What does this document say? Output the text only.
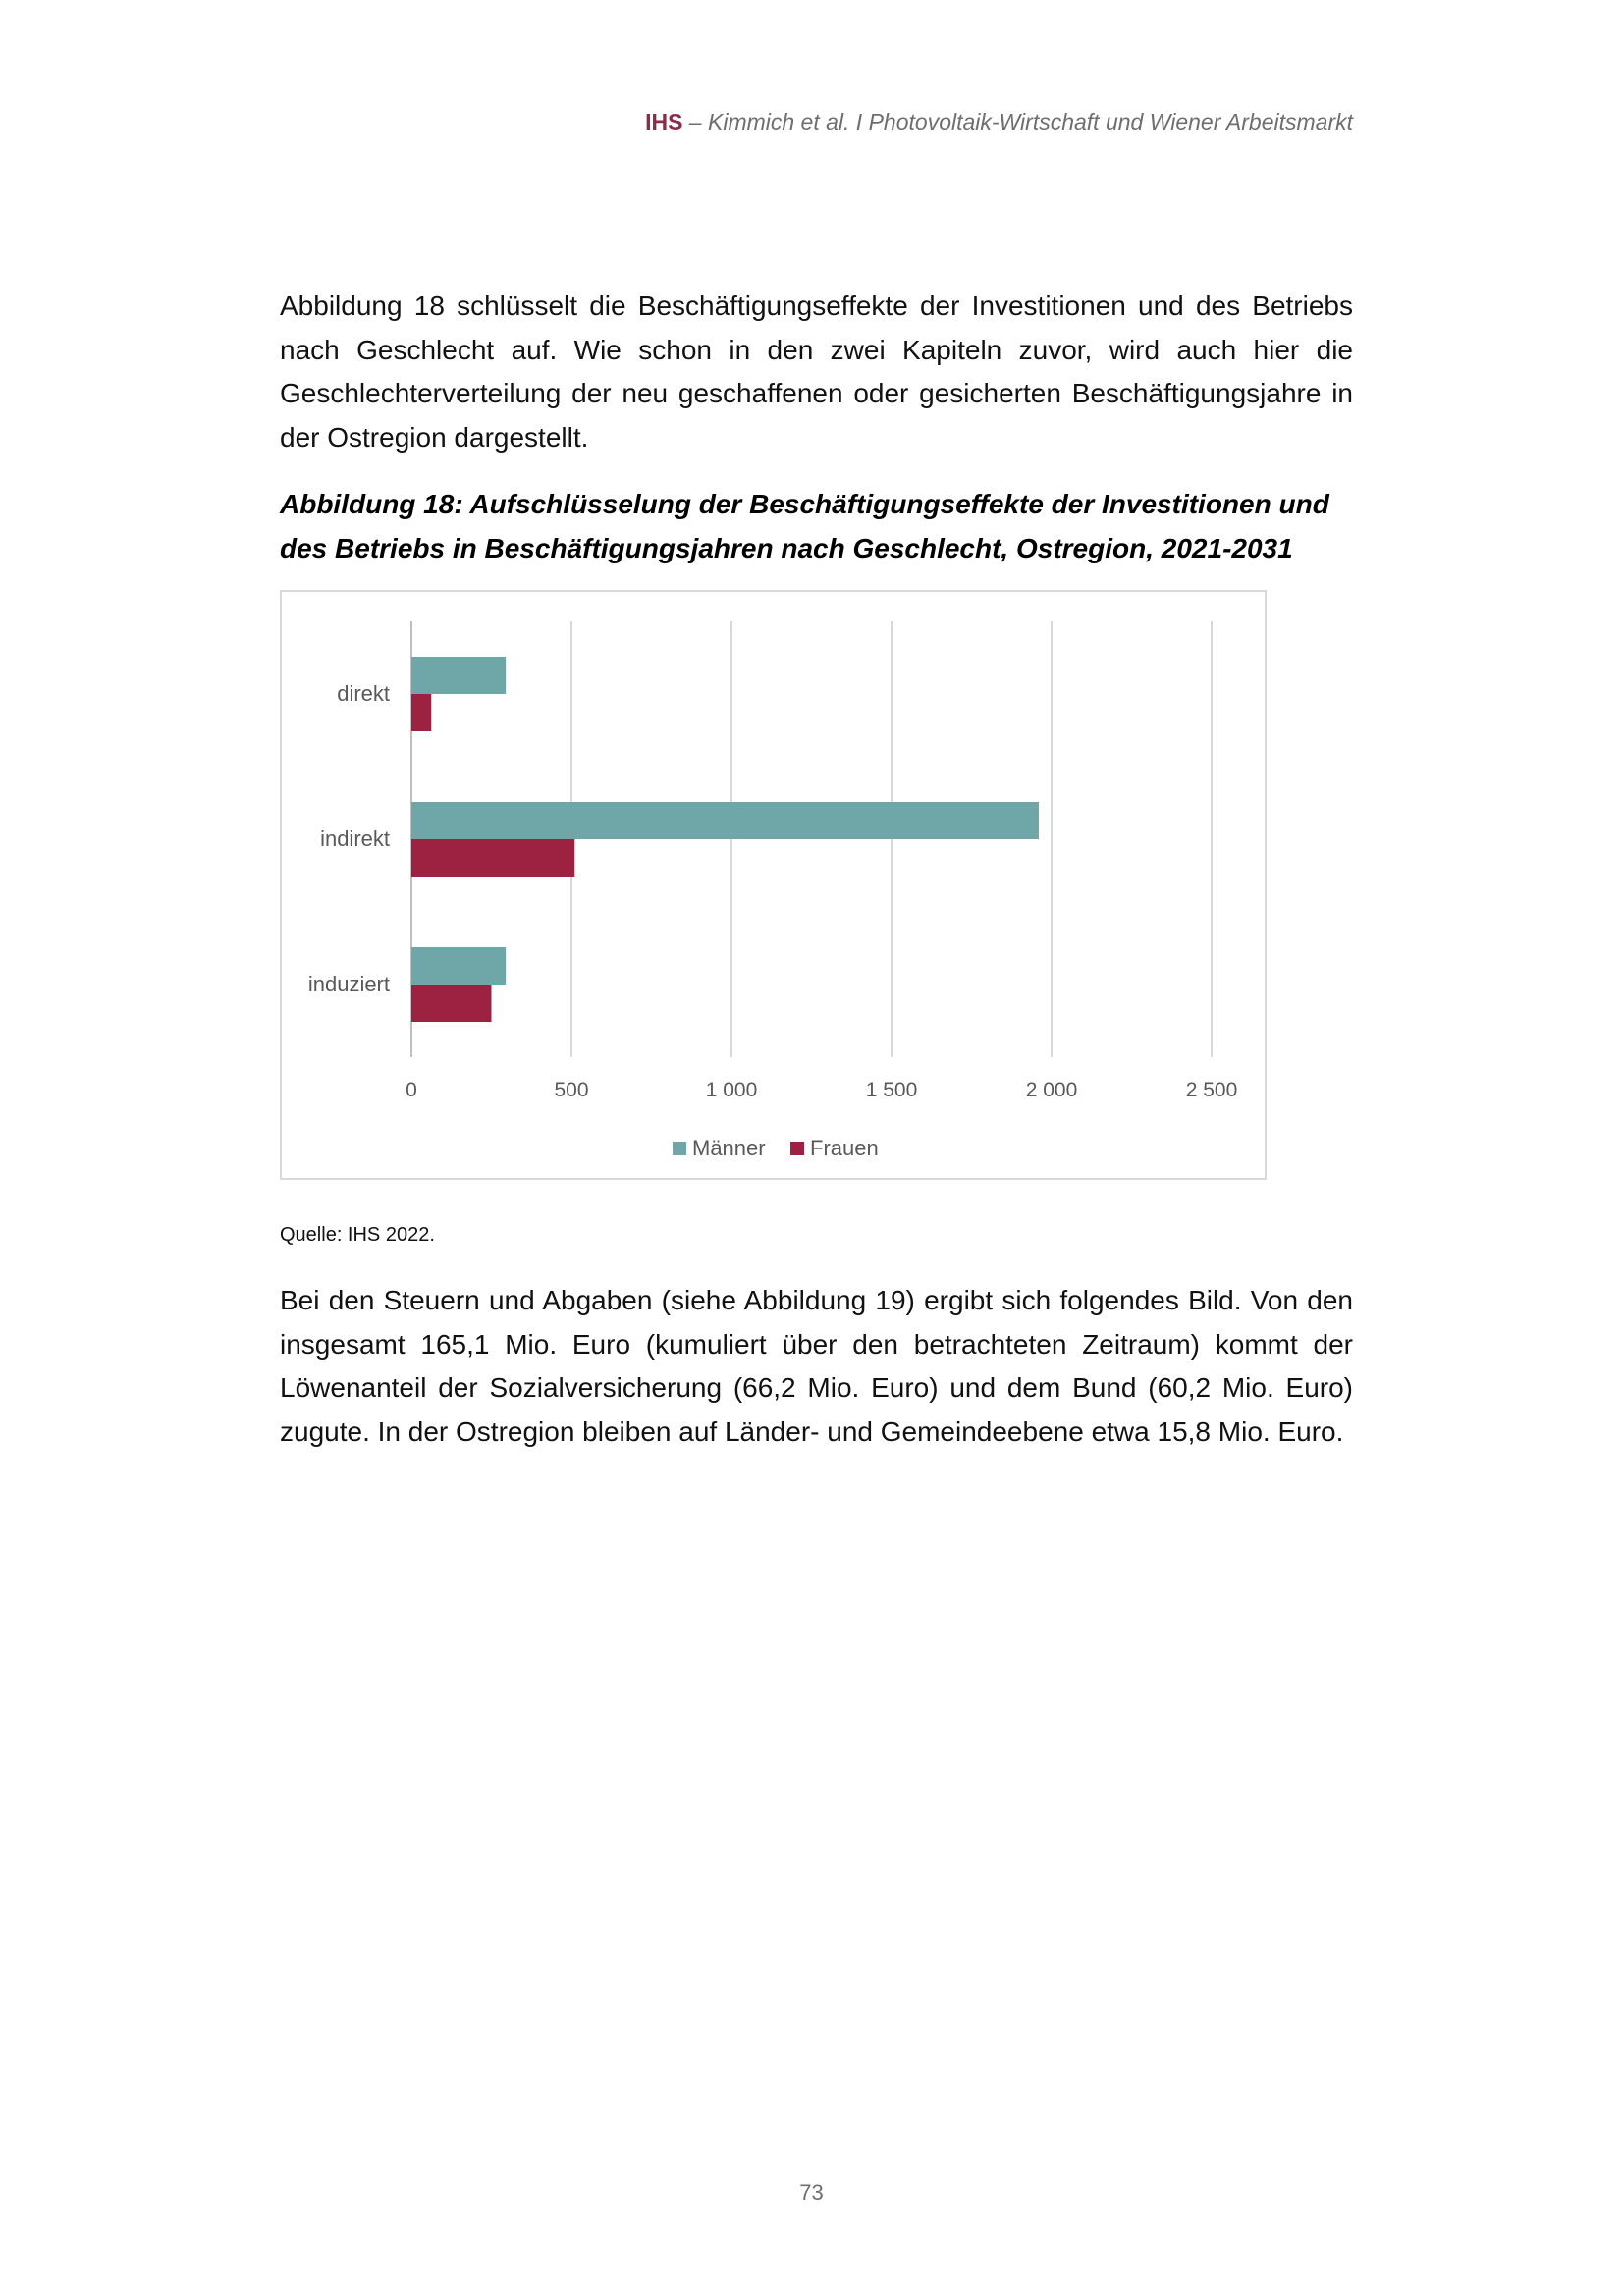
IHS – Kimmich et al. I Photovoltaik-Wirtschaft und Wiener Arbeitsmarkt

Abbildung 18 schlüsselt die Beschäftigungseffekte der Investitionen und des Betriebs nach Geschlecht auf. Wie schon in den zwei Kapiteln zuvor, wird auch hier die Geschlechterverteilung der neu geschaffenen oder gesicherten Beschäftigungsjahre in der Ostregion dargestellt.

Abbildung 18: Aufschlüsselung der Beschäftigungseffekte der Investitionen und des Betriebs in Beschäftigungsjahren nach Geschlecht, Ostregion, 2021-2031
direkt
indirekt
induziert
0	500	1 000	1 500	2 000	2 500
Männer Frauen
Quelle: IHS 2022.

Bei den Steuern und Abgaben (siehe Abbildung 19) ergibt sich folgendes Bild. Von den insgesamt 165,1 Mio. Euro (kumuliert über den betrachteten Zeitraum) kommt der Löwenanteil der Sozialversicherung (66,2 Mio. Euro) und dem Bund (60,2 Mio. Euro) zugute. In der Ostregion bleiben auf Länder- und Gemeindeebene etwa 15,8 Mio. Euro.

73
